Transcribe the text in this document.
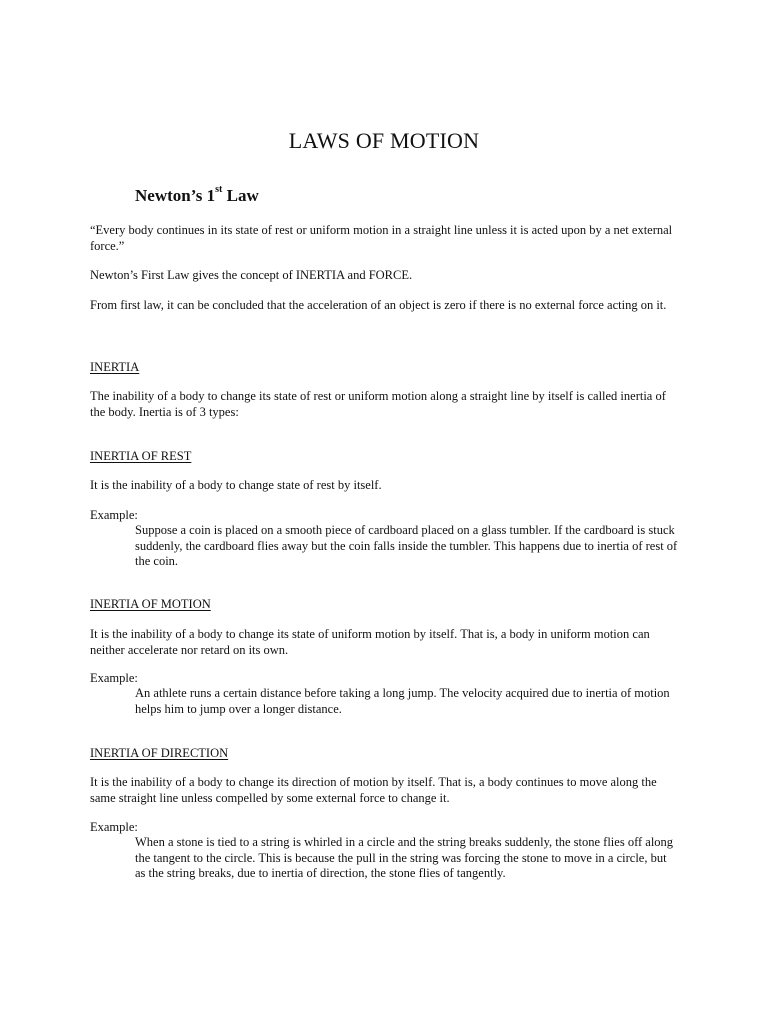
LAWS OF MOTION
Newton’s 1st Law

“Every body continues in its state of rest or uniform motion in a straight line unless it is acted upon by a net external force.”

Newton’s First Law gives the concept of INERTIA and FORCE.

From first law, it can be concluded that the acceleration of an object is zero if there is no external force acting on it.

INERTIA

The inability of a body to change its state of rest or uniform motion along a straight line by itself is called inertia of the body. Inertia is of 3 types:

INERTIA OF REST

It is the inability of a body to change state of rest by itself.

Example:

Suppose a coin is placed on a smooth piece of cardboard placed on a glass tumbler. If the cardboard is stuck suddenly, the cardboard flies away but the coin falls inside the tumbler. This happens due to inertia of rest of the coin.

INERTIA OF MOTION

It is the inability of a body to change its state of uniform motion by itself. That is, a body in uniform motion can neither accelerate nor retard on its own.

Example:

An athlete runs a certain distance before taking a long jump. The velocity acquired due to inertia of motion helps him to jump over a longer distance.

INERTIA OF DIRECTION

It is the inability of a body to change its direction of motion by itself. That is, a body continues to move along the same straight line unless compelled by some external force to change it.

Example:

When a stone is tied to a string is whirled in a circle and the string breaks suddenly, the stone flies off along the tangent to the circle. This is because the pull in the string was forcing the stone to move in a circle, but as the string breaks, due to inertia of direction, the stone flies of tangently.
